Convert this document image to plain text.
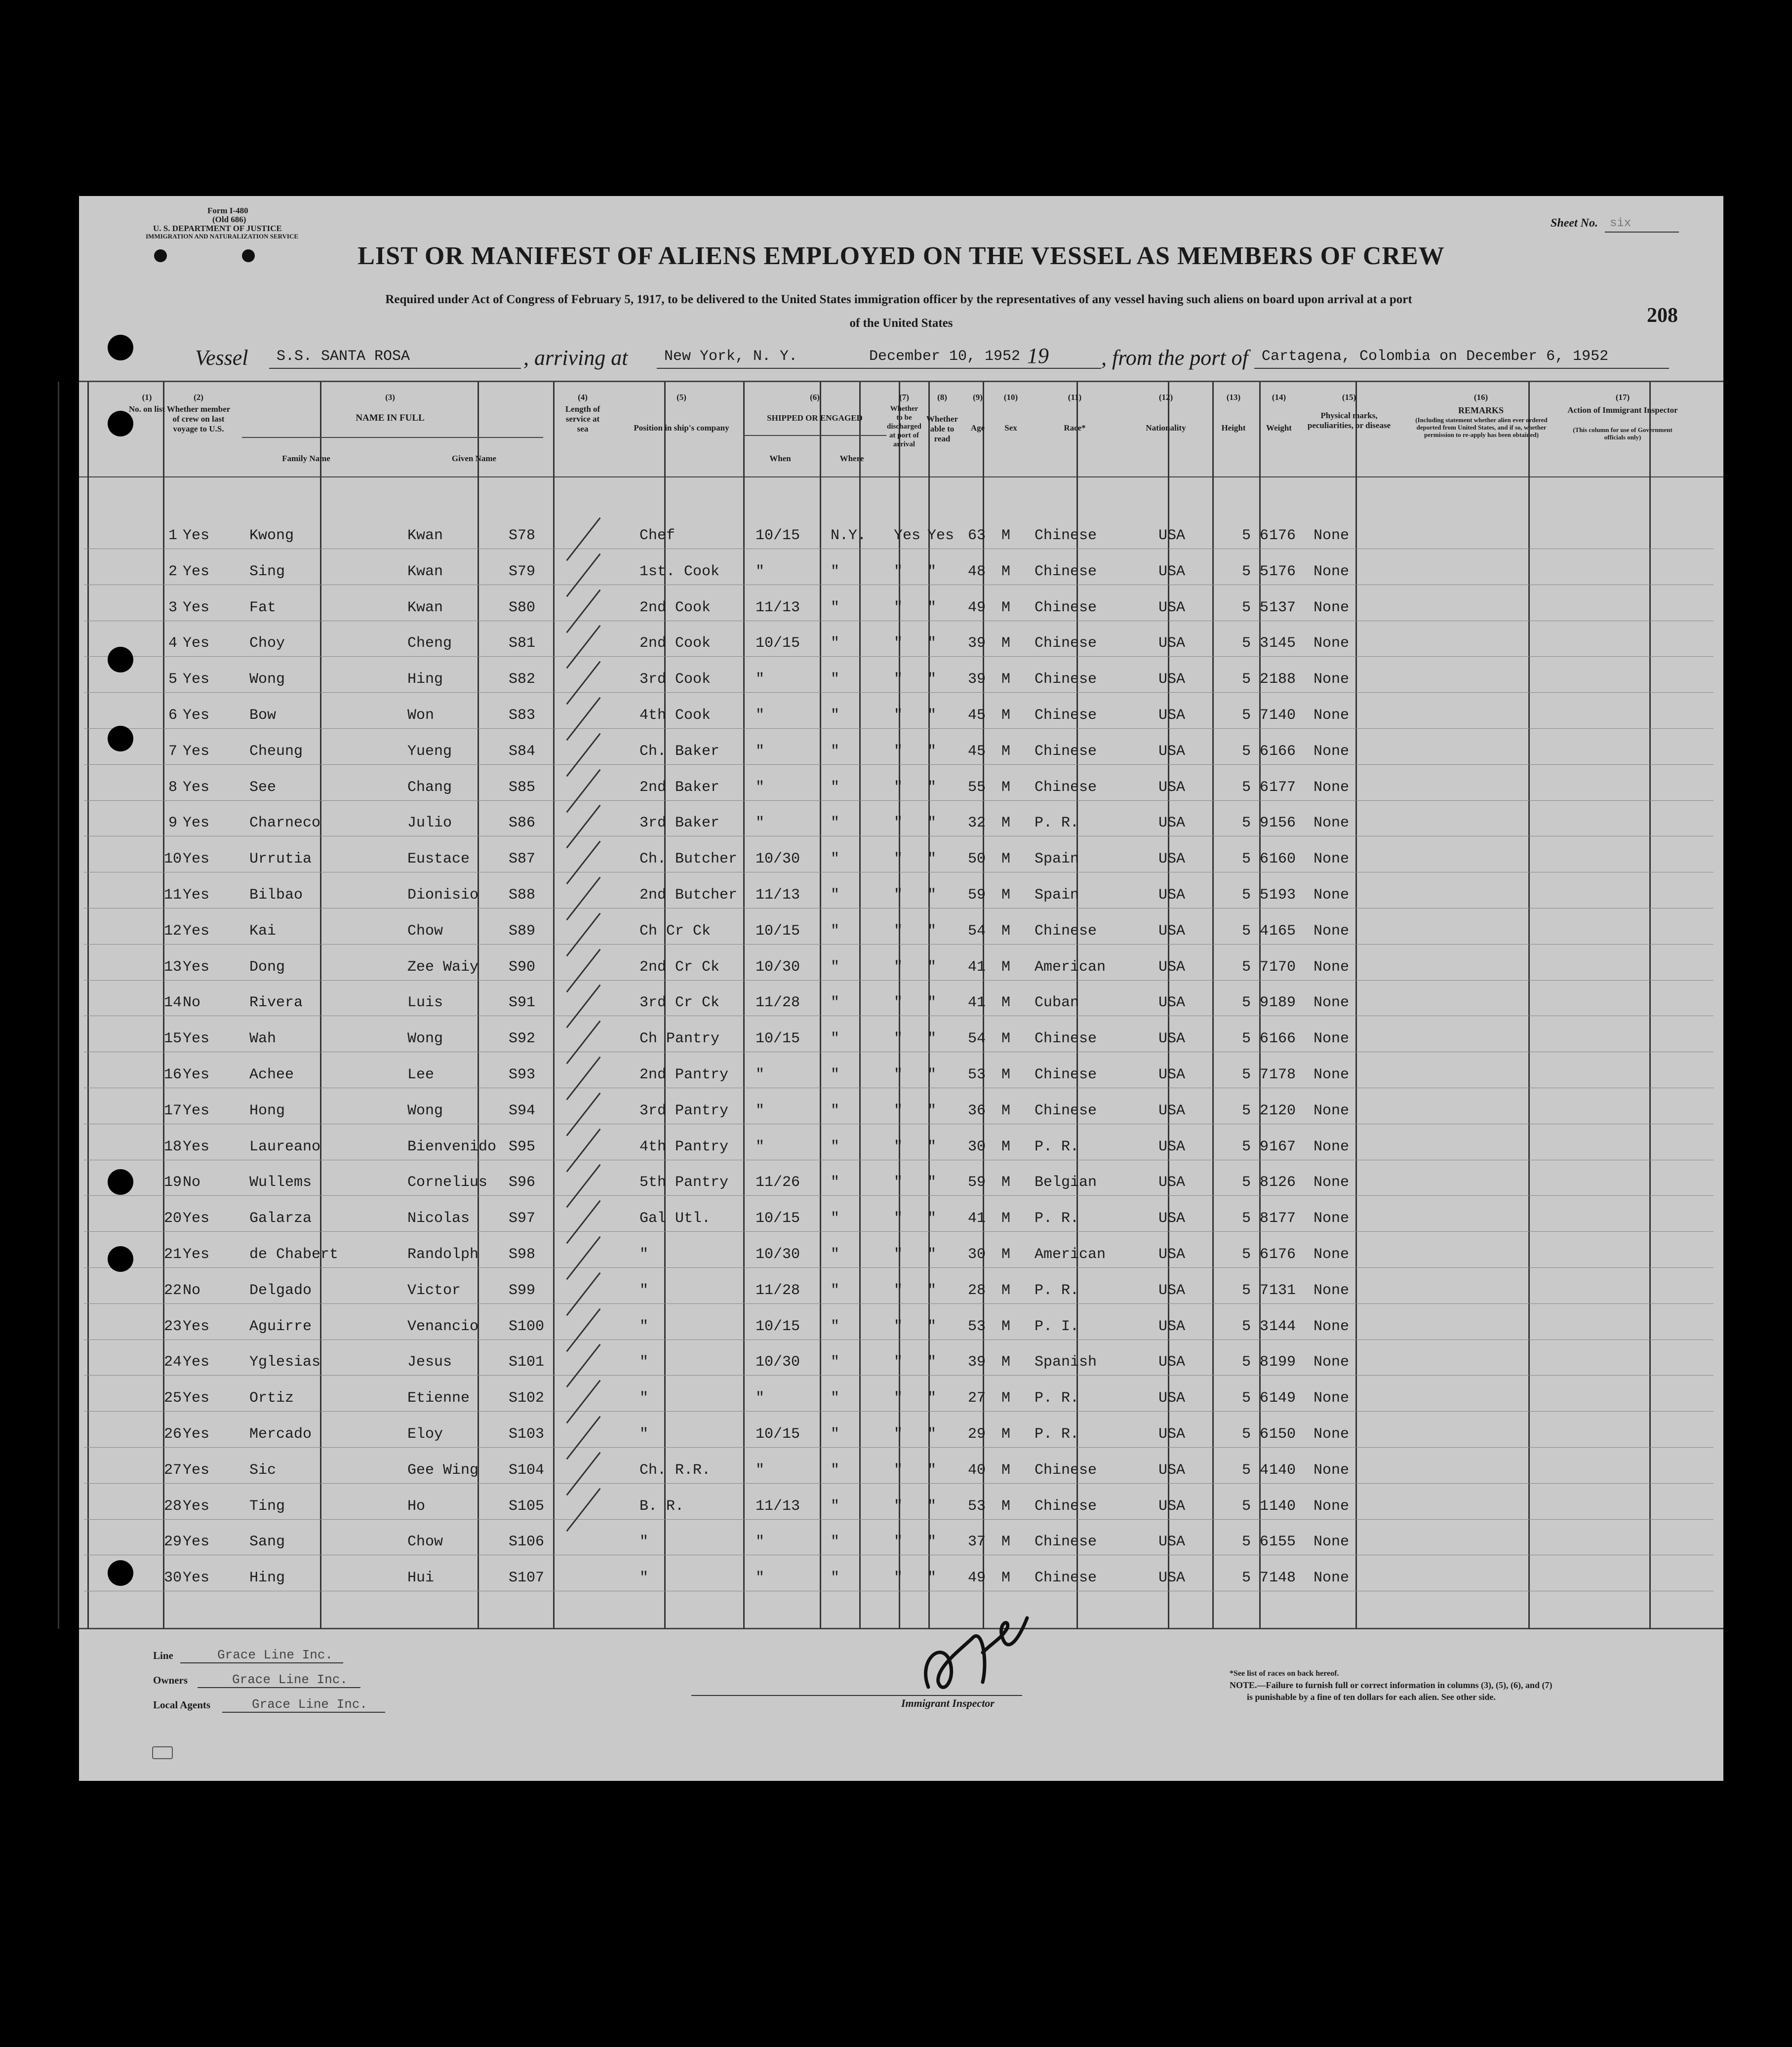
Form I-480
(Old 686)
U. S. DEPARTMENT OF JUSTICE
IMMIGRATION AND NATURALIZATION SERVICE
Sheet No. six
208
LIST OR MANIFEST OF ALIENS EMPLOYED ON THE VESSEL AS MEMBERS OF CREW
Required under Act of Congress of February 5, 1917, to be delivered to the United States immigration officer by the representatives of any vessel having such aliens on board upon arrival at a port
of the United States
Vessel S.S. SANTA ROSA	, arriving at New York, N. Y.	December 10, 1952 19 , from the port of Cartagena, Colombia on December 6, 1952
(1)
No. on list
(2)
Whether member of crew on last voyage to U.S.
(3)
NAME IN FULL
Family Name	Given Name
(4)
Length of service at sea
(5)
Position in ship's company
(6)
SHIPPED OR ENGAGED
When	Where
(7)
Whether to be discharged at port of arrival
(8)
Whether able to read
(9)
Age
(10)
Sex
(11)
Race*
(12)
Nationality
(13)
Height
(14)
Weight
(15)
Physical marks, peculiarities, or disease
(16)
REMARKS
(Including statement whether alien ever ordered deported from United States, and if so, whether permission to re-apply has been obtained)
(17)
Action of Immigrant Inspector
(This column for use of Government officials only)
1 Yes	Kwong	Kwan	S78	Chef	10/15 N.Y. Yes Yes 63 M Chinese	USA	5 6 176 None
2 Yes	Sing	Kwan	S79	1st. Cook "	"	" " 48 M Chinese	USA	5 5 176 None
3 Yes	Fat	Kwan	S80	2nd Cook	11/13 "	" " 49 M Chinese	USA	5 5 137 None
4 Yes	Choy	Cheng	S81	2nd Cook	10/15 "	" " 39 M Chinese	USA	5 3 145 None
5 Yes	Wong	Hing	S82	3rd Cook	"	"	" " 39 M Chinese	USA	5 2 188 None
6 Yes	Bow	Won	S83	4th Cook	"	"	" " 45 M Chinese	USA	5 7 140 None
7 Yes	Cheung	Yueng	S84	Ch. Baker "	"	" " 45 M Chinese	USA	5 6 166 None
8 Yes	See	Chang	S85	2nd Baker "	"	" " 55 M Chinese	USA	5 6 177 None
9 Yes	Charneco	Julio	S86	3rd Baker "	"	" " 32 M P. R.	USA	5 9 156 None
10 Yes	Urrutia	Eustace	S87	Ch. Butcher 10/30 "	" " 50 M Spain	USA	5 6 160 None
11 Yes	Bilbao	Dionisio S88	2nd Butcher 11/13 "	" " 59 M Spain	USA	5 5 193 None
12 Yes	Kai	Chow	S89	Ch Cr Ck	10/15 "	" " 54 M Chinese	USA	5 4 165 None
13 Yes	Dong	Zee Waiy S90	2nd Cr Ck 10/30 "	" " 41 M American	USA	5 7 170 None
14 No	Rivera	Luis	S91	3rd Cr Ck 11/28 "	" " 41 M Cuban	USA	5 9 189 None
15 Yes	Wah	Wong	S92	Ch Pantry 10/15 "	" " 54 M Chinese	USA	5 6 166 None
16 Yes	Achee	Lee	S93	2nd Pantry "	"	" " 53 M Chinese	USA	5 7 178 None
17 Yes	Hong	Wong	S94	3rd Pantry "	"	" " 36 M Chinese	USA	5 2 120 None
18 Yes	Laureano	Bienvenido S95	4th Pantry "	"	" " 30 M P. R.	USA	5 9 167 None
19 No	Wullems	Cornelius S96	5th Pantry 11/26 "	" " 59 M Belgian	USA	5 8 126 None
20 Yes	Galarza	Nicolas	S97	Gal Utl.	10/15 "	" " 41 M P. R.	USA	5 8 177 None
21 Yes	de Chabert	Randolph S98	"	10/30 "	" " 30 M American	USA	5 6 176 None
22 No	Delgado	Victor	S99	"	11/28 "	" " 28 M P. R.	USA	5 7 131 None
23 Yes	Aguirre	Venancio S100	"	10/15 "	" " 53 M P. I.	USA	5 3 144 None
24 Yes	Yglesias	Jesus	S101	"	10/30 "	" " 39 M Spanish	USA	5 8 199 None
25 Yes	Ortiz	Etienne	S102	"	"	"	" " 27 M P. R.	USA	5 6 149 None
26 Yes	Mercado	Eloy	S103	"	10/15 "	" " 29 M P. R.	USA	5 6 150 None
27 Yes	Sic	Gee Wing S104	Ch. R.R.	"	"	" " 40 M Chinese	USA	5 4 140 None
28 Yes	Ting	Ho	S105	B. R.	11/13 "	" " 53 M Chinese	USA	5 1 140 None
29 Yes	Sang	Chow	S106	"	"	"	" " 37 M Chinese	USA	5 6 155 None
30 Yes	Hing	Hui	S107	"	"	"	" " 49 M Chinese	USA	5 7 148 None
Line	Grace Line Inc.
Owners	Grace Line Inc.
Local Agents	Grace Line Inc.	Immigrant Inspector
*See list of races on back hereof.
NOTE.—Failure to furnish full or correct information in columns (3), (5), (6), and (7)
is punishable by a fine of ten dollars for each alien. See other side.
